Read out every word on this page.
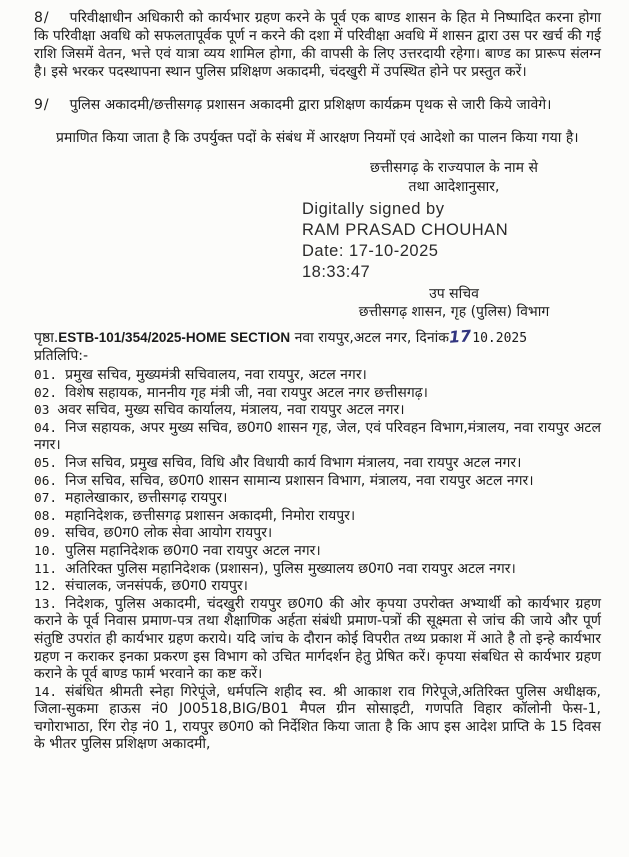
8/ परिवीक्षाधीन अधिकारी को कार्यभार ग्रहण करने के पूर्व एक बाण्ड शासन के हित मे निष्पादित करना होगा कि परिवीक्षा अवधि को सफलतापूर्वक पूर्ण न करने की दशा में परिवीक्षा अवधि में शासन द्वारा उस पर खर्च की गई राशि जिसमें वेतन, भत्ते एवं यात्रा व्यय शामिल होगा, की वापसी के लिए उत्तरदायी रहेगा। बाण्ड का प्रारूप संलग्न है। इसे भरकर पदस्थापना स्थान पुलिस प्रशिक्षण अकादमी, चंदखुरी में उपस्थित होने पर प्रस्तुत करें।

9/ पुलिस अकादमी/छत्तीसगढ़ प्रशासन अकादमी द्वारा प्रशिक्षण कार्यक्रम पृथक से जारी किये जावेगे।

प्रमाणित किया जाता है कि उपर्युक्त पदों के संबंध में आरक्षण नियमों एवं आदेशो का पालन किया गया है।

छत्तीसगढ़ के राज्यपाल के नाम से
तथा आदेशानुसार,
Digitally signed by
RAM PRASAD CHOUHAN
Date: 17-10-2025
18:33:47
उप सचिव
छत्तीसगढ़ शासन, गृह (पुलिस) विभाग

पृष्ठा.ESTB-101/354/2025-HOME SECTION नवा रायपुर,अटल नगर, दिनांक1710.2025

प्रतिलिपि:-

01. प्रमुख सचिव, मुख्यमंत्री सचिवालय, नवा रायपुर, अटल नगर।

02. विशेष सहायक, माननीय गृह मंत्री जी, नवा रायपुर अटल नगर छत्तीसगढ़।

03 अवर सचिव, मुख्य सचिव कार्यालय, मंत्रालय, नवा रायपुर अटल नगर।

04. निज सहायक, अपर मुख्य सचिव, छ0ग0 शासन गृह, जेल, एवं परिवहन विभाग,मंत्रालय, नवा रायपुर अटल नगर।

05. निज सचिव, प्रमुख सचिव, विधि और विधायी कार्य विभाग मंत्रालय, नवा रायपुर अटल नगर।

06. निज सचिव, सचिव, छ0ग0 शासन सामान्य प्रशासन विभाग, मंत्रालय, नवा रायपुर अटल नगर।

07. महालेखाकार, छत्तीसगढ़ रायपुर।

08. महानिदेशक, छत्तीसगढ़ प्रशासन अकादमी, निमोरा रायपुर।

09. सचिव, छ0ग0 लोक सेवा आयोग रायपुर।

10. पुलिस महानिदेशक छ0ग0 नवा रायपुर अटल नगर।

11. अतिरिक्त पुलिस महानिदेशक (प्रशासन), पुलिस मुख्यालय छ0ग0 नवा रायपुर अटल नगर।

12. संचालक, जनसंपर्क, छ0ग0 रायपुर।

13. निदेशक, पुलिस अकादमी, चंदखुरी रायपुर छ0ग0 की ओर कृपया उपरोक्त अभ्यार्थी को कार्यभार ग्रहण कराने के पूर्व निवास प्रमाण-पत्र तथा शैक्षाणिक अर्हता संबंधी प्रमाण-पत्रों की सूक्ष्मता से जांच की जाये और पूर्ण संतुष्टि उपरांत ही कार्यभार ग्रहण कराये। यदि जांच के दौरान कोई विपरीत तथ्य प्रकाश में आते है तो इन्हे कार्यभार ग्रहण न कराकर इनका प्रकरण इस विभाग को उचित मार्गदर्शन हेतु प्रेषित करें। कृपया संबधित से कार्यभार ग्रहण कराने के पूर्व बाण्ड फार्म भरवाने का कष्ट करें।

14. संबंधित श्रीमती स्नेहा गिरेपूंजे, धर्मपत्नि शहीद स्व. श्री आकाश राव गिरेपूजे,अतिरिक्त पुलिस अधीक्षक, जिला-सुकमा हाऊस नं0 J00518,BIG/B01 मैपल ग्रीन सोसाइटी, गणपति विहार कॉलोनी फेस-1, चगोराभाठा, रिंग रोड़ नं0 1, रायपुर छ0ग0 को निर्देशित किया जाता है कि आप इस आदेश प्राप्ति के 15 दिवस के भीतर पुलिस प्रशिक्षण अकादमी,
